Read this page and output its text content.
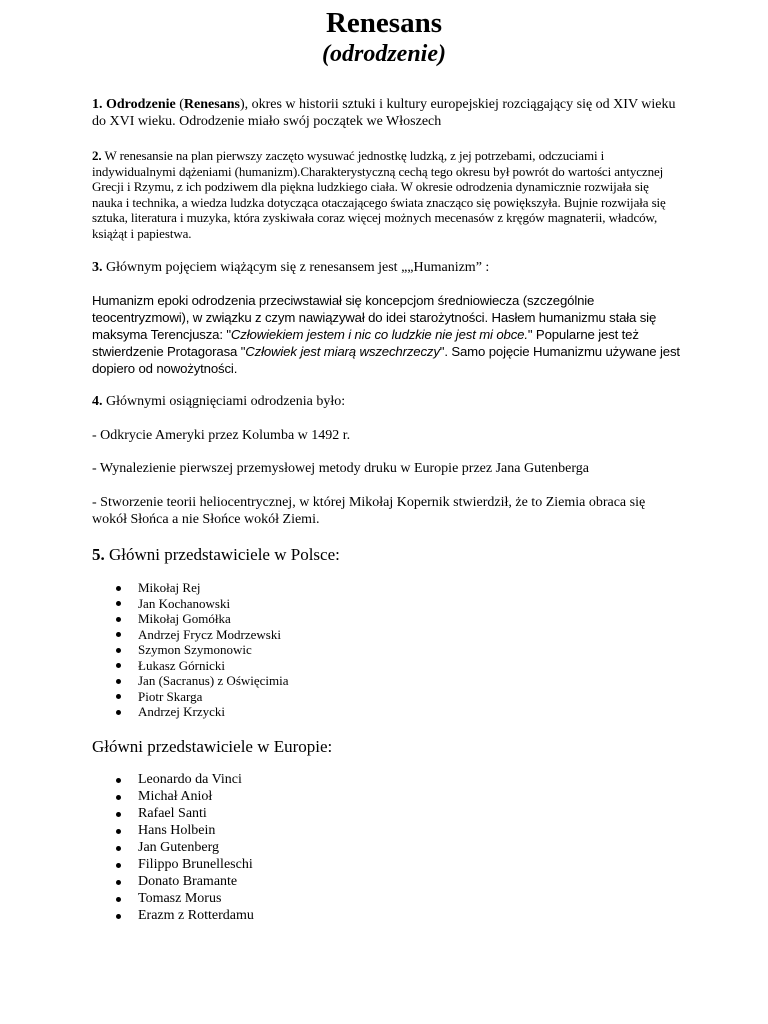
Renesans
(odrodzenie)
1. Odrodzenie (Renesans), okres w historii sztuki i kultury europejskiej rozciągający się od XIV wieku do XVI wieku. Odrodzenie miało swój początek we Włoszech
2. W renesansie na plan pierwszy zaczęto wysuwać jednostkę ludzką, z jej potrzebami, odczuciami i indywidualnymi dążeniami (humanizm).Charakterystyczną cechą tego okresu był powrót do wartości antycznej Grecji i Rzymu, z ich podziwem dla piękna ludzkiego ciała. W okresie odrodzenia dynamicznie rozwijała się nauka i technika, a wiedza ludzka dotycząca otaczającego świata znacząco się powiększyła. Bujnie rozwijała się sztuka, literatura i muzyka, która zyskiwała coraz więcej możnych mecenasów z kręgów magnaterii, władców, książąt i papiestwa.
3. Głównym pojęciem wiążącym się z renesansem jest „„Humanizm” :
Humanizm epoki odrodzenia przeciwstawiał się koncepcjom średniowiecza (szczególnie teocentryzmowi), w związku z czym nawiązywał do idei starożytności. Hasłem humanizmu stała się maksyma Terencjusza: "Człowiekiem jestem i nic co ludzkie nie jest mi obce." Popularne jest też stwierdzenie Protagorasa "Człowiek jest miarą wszechrzeczy". Samo pojęcie Humanizmu używane jest dopiero od nowożytności.
4. Głównymi osiągnięciami odrodzenia było:
- Odkrycie Ameryki przez Kolumba w 1492 r.
- Wynalezienie pierwszej przemysłowej metody druku w Europie przez Jana Gutenberga
- Stworzenie teorii heliocentrycznej, w której Mikołaj Kopernik stwierdził, że to Ziemia obraca się wokół Słońca a nie Słońce wokół Ziemi.
5. Główni przedstawiciele w Polsce:
Mikołaj Rej
Jan Kochanowski
Mikołaj Gomółka
Andrzej Frycz Modrzewski
Szymon Szymonowic
Łukasz Górnicki
Jan (Sacranus) z Oświęcimia
Piotr Skarga
Andrzej Krzycki
Główni przedstawiciele w Europie:
Leonardo da Vinci
Michał Anioł
Rafael Santi
Hans Holbein
Jan Gutenberg
Filippo Brunelleschi
Donato Bramante
Tomasz Morus
Erazm z Rotterdamu
